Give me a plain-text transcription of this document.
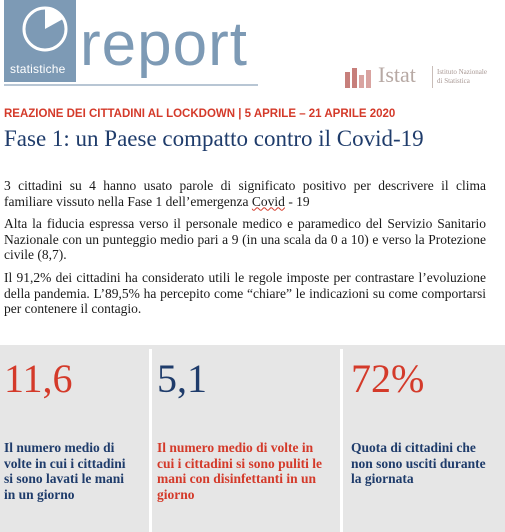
statistiche report	Istat	Istituto Nazionale
di Statistica
REAZIONE DEI CITTADINI AL LOCKDOWN | 5 APRILE – 21 APRILE 2020
Fase 1: un Paese compatto contro il Covid-19

3 cittadini su 4 hanno usato parole di significato positivo per descrivere il clima familiare vissuto nella Fase 1 dell’emergenza Covid - 19

Alta la fiducia espressa verso il personale medico e paramedico del Servizio Sanitario Nazionale con un punteggio medio pari a 9 (in una scala da 0 a 10) e verso la Protezione civile (8,7).

Il 91,2% dei cittadini ha considerato utili le regole imposte per contrastare l’evoluzione della pandemia. L’89,5% ha percepito come “chiare” le indicazioni su come comportarsi per contenere il contagio.

11,6
Il numero medio di volte in cui i cittadini si sono lavati le mani in un giorno
5,1
Il numero medio di volte in cui i cittadini si sono puliti le mani con disinfettanti in un giorno
72%
Quota di cittadini che non sono usciti durante la giornata
